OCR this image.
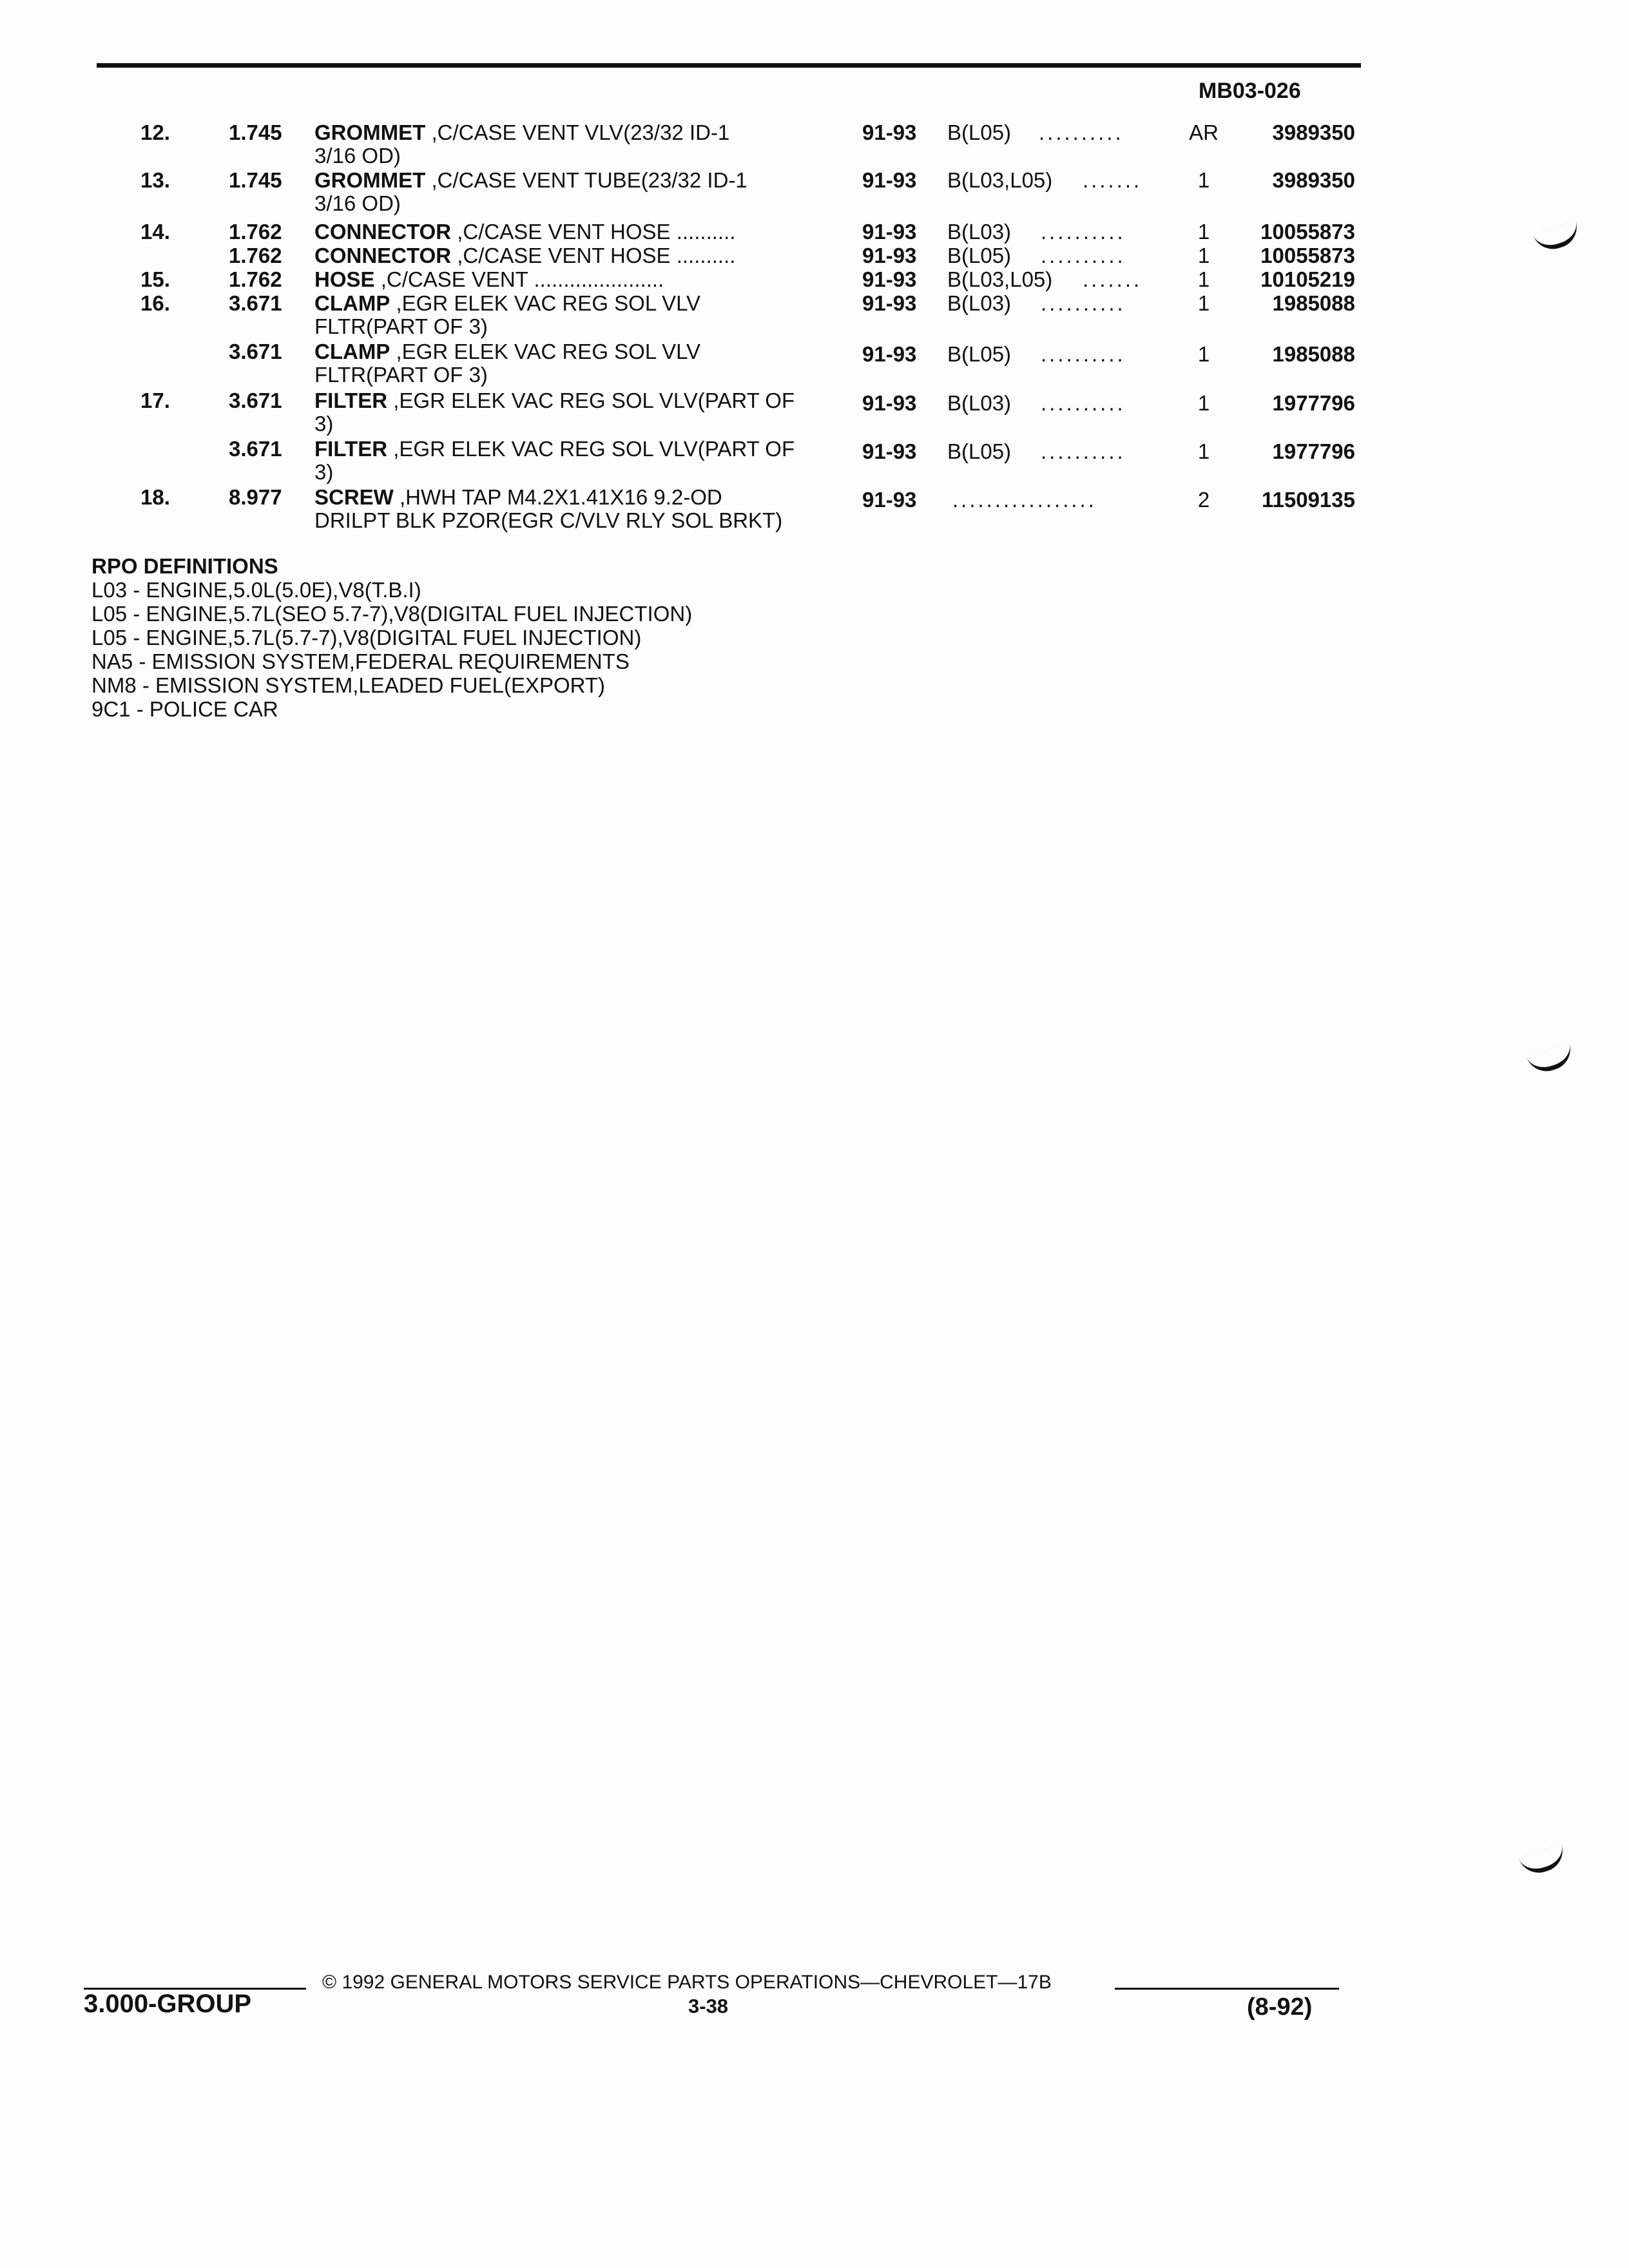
MB03-026
12.	1.745 GROMMET ,C/CASE VENT VLV(23/32 ID-1
3/16 OD)
91-93 B(L05) ..........	AR	3989350
13.	1.745 GROMMET ,C/CASE VENT TUBE(23/32 ID-1
3/16 OD)
91-93 B(L03,L05) .......	1	3989350
14.	1.762 CONNECTOR ,C/CASE VENT HOSE ..........	91-93 B(L03) ..........	1	10055873
1.762 CONNECTOR ,C/CASE VENT HOSE ..........	91-93 B(L05) ..........	1	10055873
15.	1.762 HOSE ,C/CASE VENT ......................	91-93 B(L03,L05) .......	1	10105219
16.	3.671 CLAMP ,EGR ELEK VAC REG SOL VLV
FLTR(PART OF 3)
91-93 B(L03) ..........	1	1985088
3.671 CLAMP ,EGR ELEK VAC REG SOL VLV
FLTR(PART OF 3)
91-93 B(L05) ..........	1	1985088
17.	3.671 FILTER ,EGR ELEK VAC REG SOL VLV(PART OF
3)
91-93 B(L03) ..........	1	1977796
3.671 FILTER ,EGR ELEK VAC REG SOL VLV(PART OF
3)
91-93 B(L05) ..........	1	1977796
18.	8.977 SCREW ,HWH TAP M4.2X1.41X16 9.2-OD
DRILPT BLK PZOR(EGR C/VLV RLY SOL BRKT)
91-93 .................	2	11509135
RPO DEFINITIONS
L03 - ENGINE,5.0L(5.0E),V8(T.B.I)
L05 - ENGINE,5.7L(SEO 5.7-7),V8(DIGITAL FUEL INJECTION)
L05 - ENGINE,5.7L(5.7-7),V8(DIGITAL FUEL INJECTION)
NA5 - EMISSION SYSTEM,FEDERAL REQUIREMENTS
NM8 - EMISSION SYSTEM,LEADED FUEL(EXPORT)
9C1 - POLICE CAR
© 1992 GENERAL MOTORS SERVICE PARTS OPERATIONS—CHEVROLET—17B
3.000-GROUP	3-38	(8-92)
